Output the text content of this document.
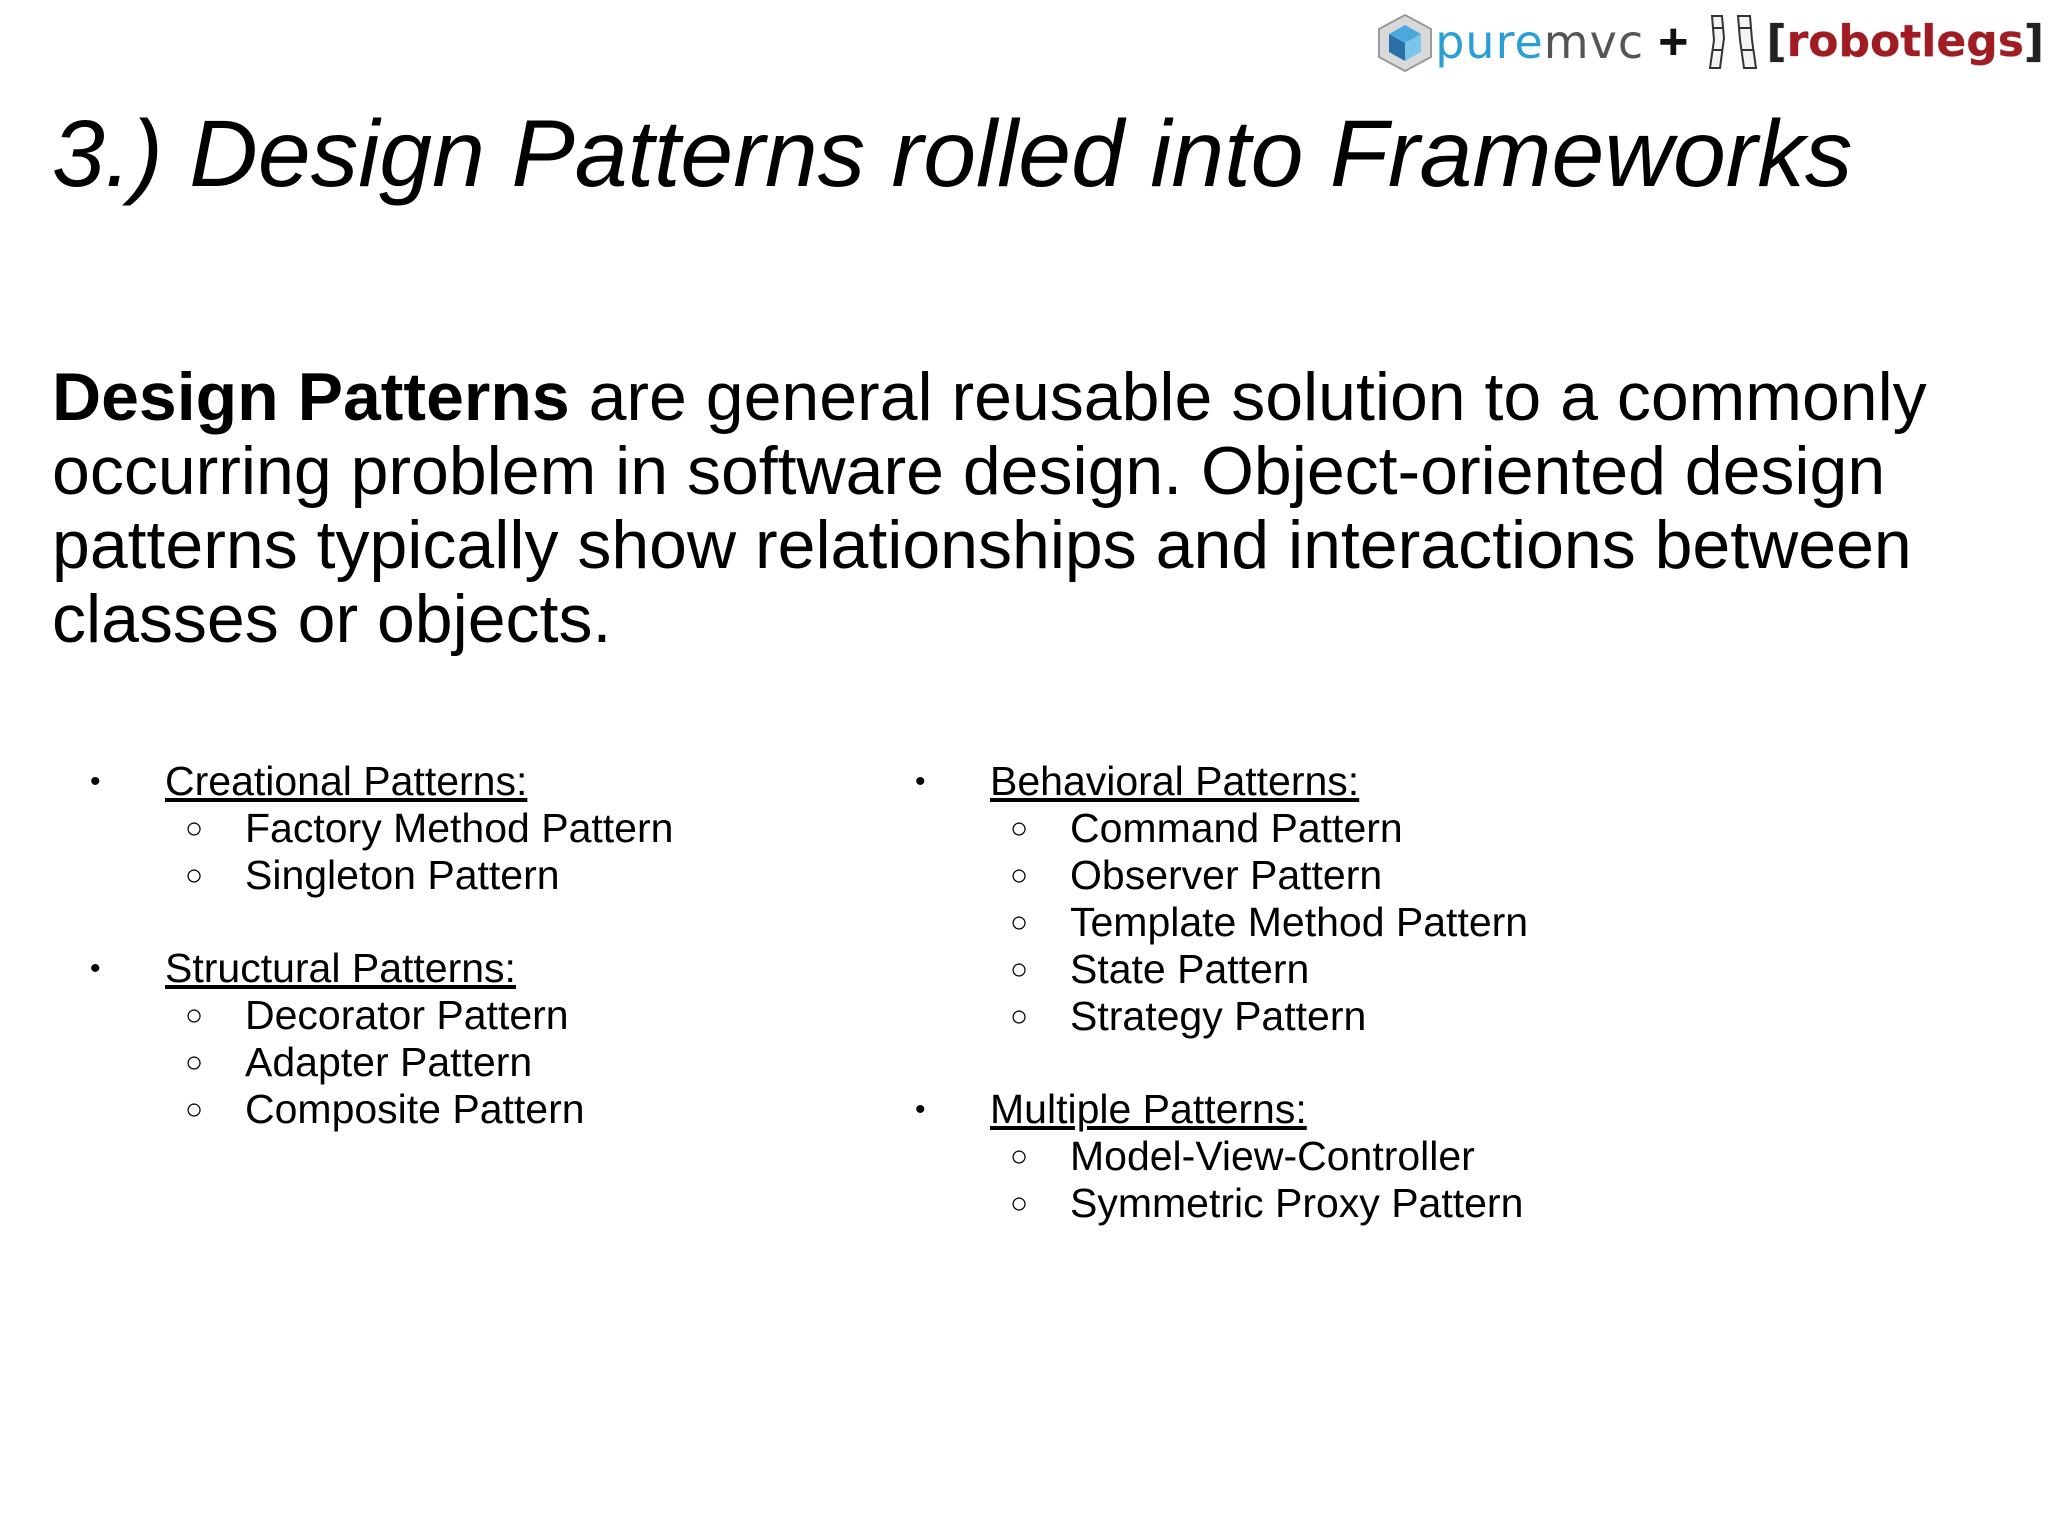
puremvc + [robotlegs]
3.) Design Patterns rolled into Frameworks

Design Patterns are general reusable solution to a commonly occurring problem in software design. Object-oriented design patterns typically show relationships and interactions between classes or objects.

•	Creational Patterns:
○ Factory Method Pattern
○ Singleton Pattern
•	Structural Patterns:
○ Decorator Pattern
○ Adapter Pattern
○ Composite Pattern
•	Behavioral Patterns:
○ Command Pattern
○ Observer Pattern
○ Template Method Pattern
○ State Pattern
○ Strategy Pattern
•	Multiple Patterns:
○ Model-View-Controller
○ Symmetric Proxy Pattern
